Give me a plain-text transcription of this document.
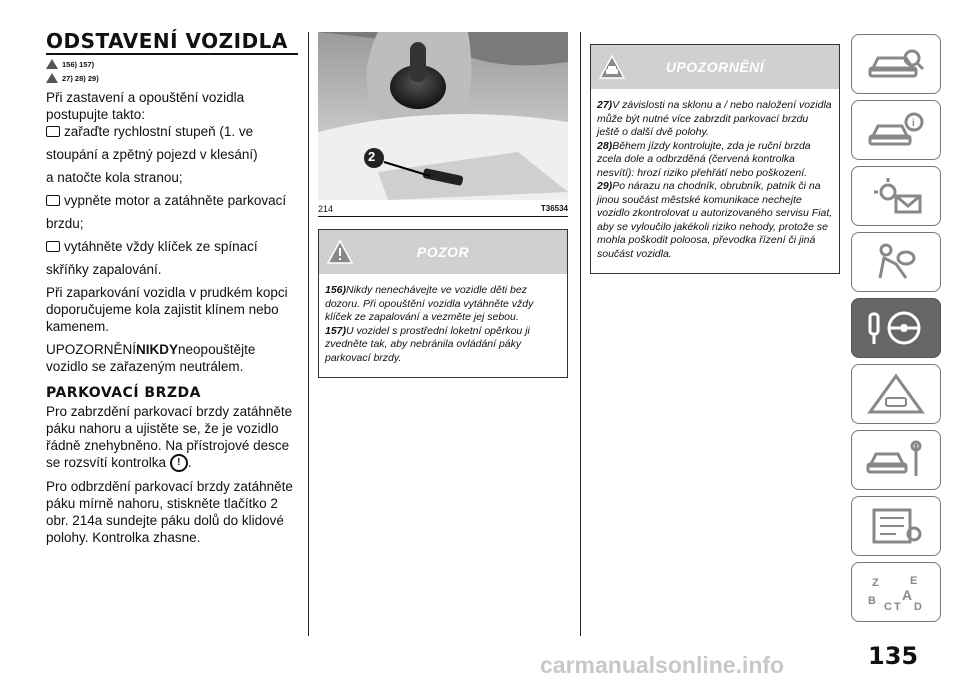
ODSTAVENÍ VOZIDLA
156) 157)
27) 28) 29)

Při zastavení a opouštění vozidla postupujte takto:

zařaďte rychlostní stupeň (1. ve

stoupání a zpětný pojezd v klesání)

a natočte kola stranou;

vypněte motor a zatáhněte parkovací

brzdu;

vytáhněte vždy klíček ze spínací

skříňky zapalování.

Při zaparkování vozidla v prudkém kopci doporučujeme kola zajistit klínem nebo kamenem.

UPOZORNĚNÍNIKDYneopouštějte vozidlo se zařazeným neutrálem.

PARKOVACÍ BRZDA

Pro zabrzdění parkovací brzdy zatáhněte páku nahoru a ujistěte se, že je vozidlo řádně znehybněno. Na přístrojové desce se rozsvítí kontrolka ! .

Pro odbrzdění parkovací brzdy zatáhněte páku mírně nahoru, stiskněte tlačítko 2 obr. 214a sundejte páku dolů do klidové polohy. Kontrolka zhasne.

2
214	T36534
POZOR

156)Nikdy nenechávejte ve vozidle děti bez dozoru. Při opouštění vozidla vytáhněte vždy klíček ze zapalování a vezměte jej sebou.

157)U vozidel s prostřední loketní opěrkou ji zvedněte tak, aby nebránila ovládání páky parkovací brzdy.

UPOZORNĚNÍ

27)V závislosti na sklonu a / nebo naložení vozidla může být nutné více zabrzdit parkovací brzdu ještě o další dvě polohy.

28)Během jízdy kontrolujte, zda je ruční brzda zcela dole a odbrzděná (červená kontrolka nesvítí): hrozí riziko přehřátí nebo poškození.

29)Po nárazu na chodník, obrubník, patník či na jinou součást městské komunikace nechejte vozidlo zkontrolovat u autorizovaného servisu Fiat, aby se vyloučilo jakékoli riziko nehody, protože se mohla poškodit poloosa, převodka řízení či jiná součást vozidla.

i
Z	E
B A
C T D
135
carmanualsonline.info
